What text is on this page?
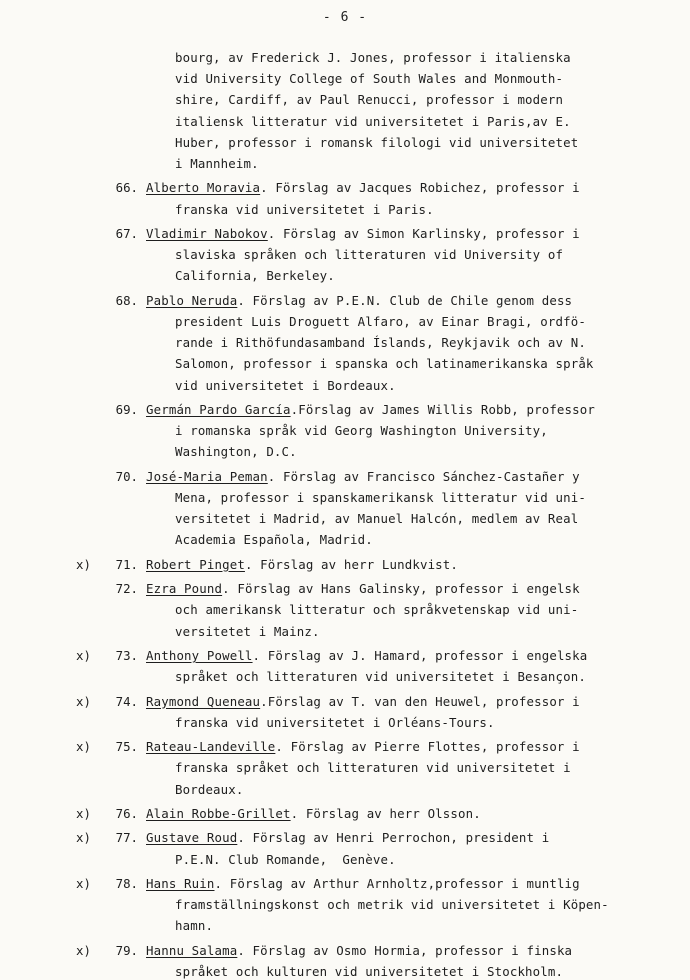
- 6 -
bourg, av Frederick J. Jones, professor i italienska
vid University College of South Wales and Monmouth-
shire, Cardiff, av Paul Renucci, professor i modern
italiensk litteratur vid universitetet i Paris,av E.
Huber, professor i romansk filologi vid universitetet
i Mannheim.
66. Alberto Moravia. Förslag av Jacques Robichez, professor i
franska vid universitetet i Paris.
67. Vladimir Nabokov. Förslag av Simon Karlinsky, professor i
slaviska språken och litteraturen vid University of
California, Berkeley.
68. Pablo Neruda. Förslag av P.E.N. Club de Chile genom dess
president Luis Droguett Alfaro, av Einar Bragi, ordfö-
rande i Rithöfundasamband Íslands, Reykjavik och av N.
Salomon, professor i spanska och latinamerikanska språk
vid universitetet i Bordeaux.
69. Germán Pardo García.Förslag av James Willis Robb, professor
i romanska språk vid Georg Washington University,
Washington, D.C.
70. José-Maria Peman. Förslag av Francisco Sánchez-Castañer y
Mena, professor i spanskamerikansk litteratur vid uni-
versitetet i Madrid, av Manuel Halcón, medlem av Real
Academia Española, Madrid.
x)	71. Robert Pinget. Förslag av herr Lundkvist.
72. Ezra Pound. Förslag av Hans Galinsky, professor i engelsk
och amerikansk litteratur och språkvetenskap vid uni-
versitetet i Mainz.
x)	73. Anthony Powell. Förslag av J. Hamard, professor i engelska
språket och litteraturen vid universitetet i Besançon.
x)	74. Raymond Queneau.Förslag av T. van den Heuwel, professor i
franska vid universitetet i Orléans-Tours.
x)	75. Rateau-Landeville. Förslag av Pierre Flottes, professor i
franska språket och litteraturen vid universitetet i
Bordeaux.
x)	76. Alain Robbe-Grillet. Förslag av herr Olsson.
x)	77. Gustave Roud. Förslag av Henri Perrochon, president i
P.E.N. Club Romande,  Genève.
x)	78. Hans Ruin. Förslag av Arthur Arnholtz,professor i muntlig
framställningskonst och metrik vid universitetet i Köpen-
hamn.
x)	79. Hannu Salama. Förslag av Osmo Hormia, professor i finska
språket och kulturen vid universitetet i Stockholm.
